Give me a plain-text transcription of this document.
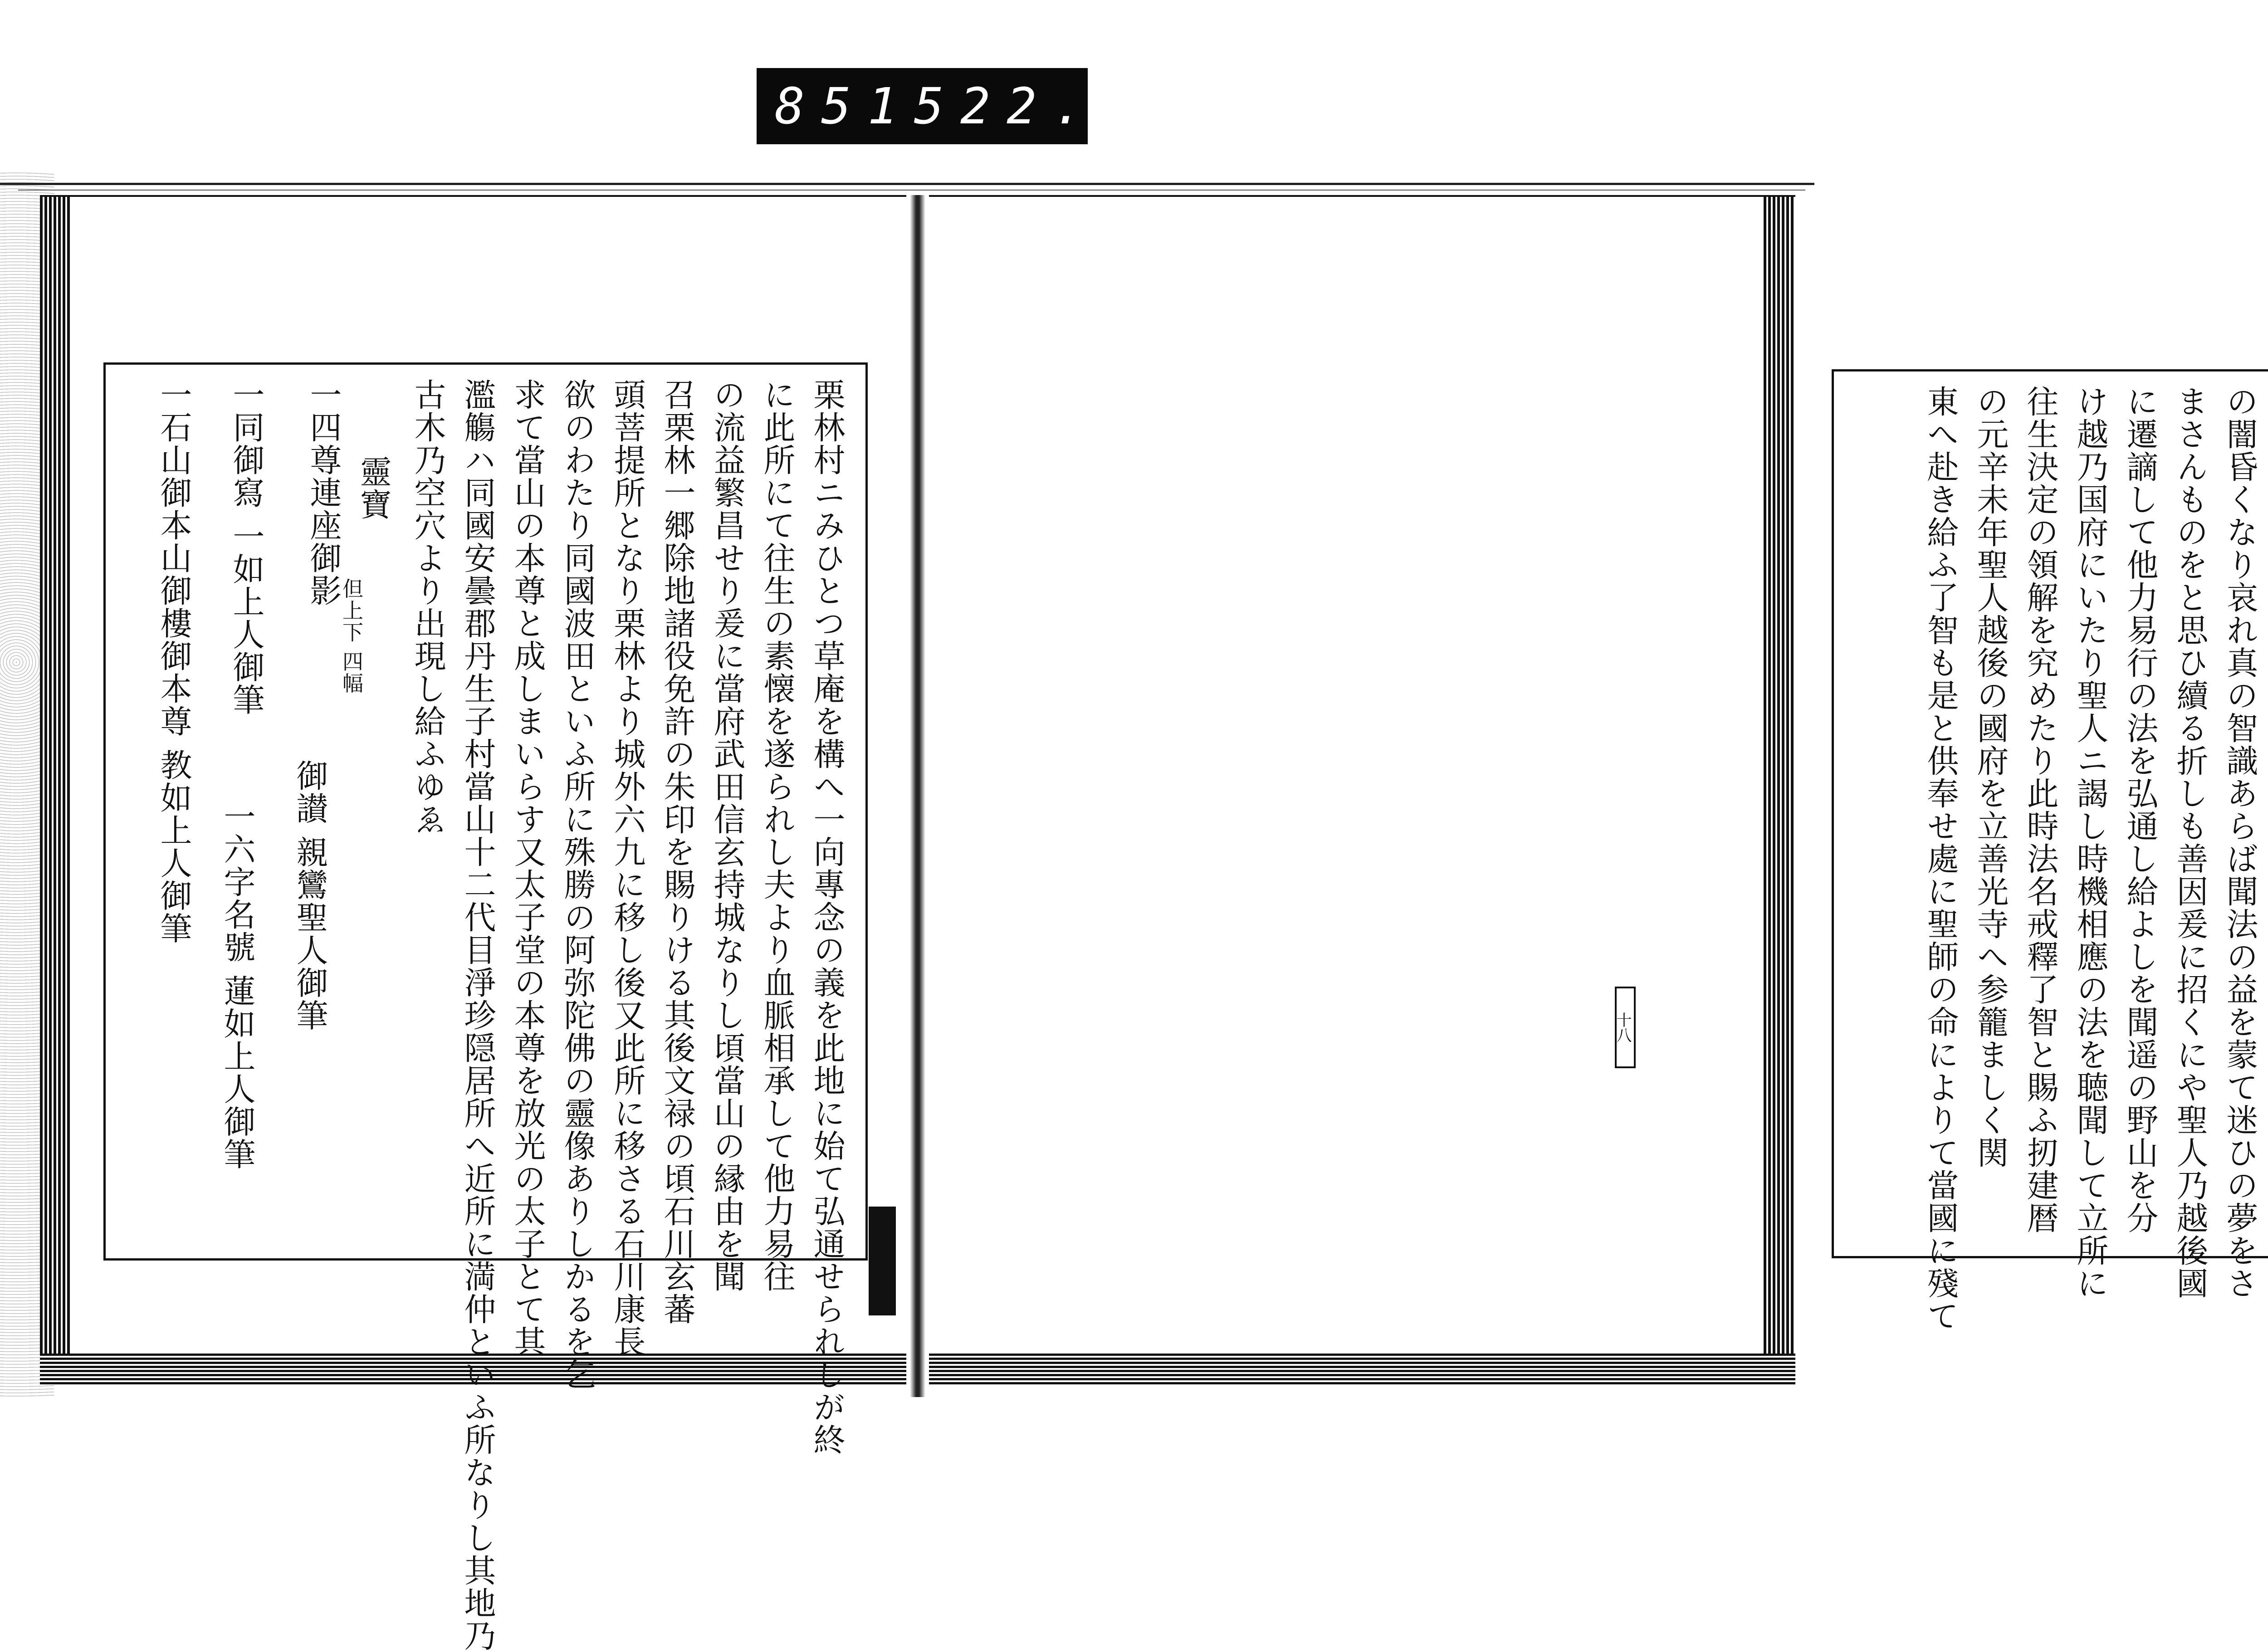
851 522.
栗林村ニみひとつ草庵を構へ一向專念の義を此地に始て弘通せられしが終
に此所にて往生の素懐を遂られし夫より血脈相承して他力易往
の流益繁昌せり爰に當府武田信玄持城なりし頃當山の縁由を聞
召栗林一郷除地諸役免許の朱印を賜りける其後文禄の頃石川玄蕃
頭菩提所となり栗林より城外六九に移し後又此所に移さる石川康長
欲のわたり同國波田といふ所に殊勝の阿弥陀佛の靈像ありしかるを乞
求て當山の本尊と成しまいらす又太子堂の本尊を放光の太子とて其
濫觴ハ同國安曇郡丹生子村當山十二代目淨珍隠居所へ近所に満仲といふ所なりし其地乃
古木乃空穴より出現し給ふゆゑ
靈寶
一四尊連座御影
但上下 四幅
御讃 親鸞聖人御筆
一同御寫 一如上人御筆
一六字名號 蓮如上人御筆
一石山御本山御樓御本尊 教如上人御筆	の闇昏くなり哀れ真の智識あらば聞法の益を蒙て迷ひの夢をさ
まさんものをと思ひ續る折しも善因爰に招くにや聖人乃越後國
に遷謫して他力易行の法を弘通し給よしを聞遥の野山を分
け越乃国府にいたり聖人ニ謁し時機相應の法を聴聞して立所に
往生決定の領解を究めたり此時法名戒釋了智と賜ふ扨建暦
の元辛未年聖人越後の國府を立善光寺へ参籠ましく関
東へ赴き給ふ了智も是と供奉せ處に聖師の命によりて當國に殘て
十八
